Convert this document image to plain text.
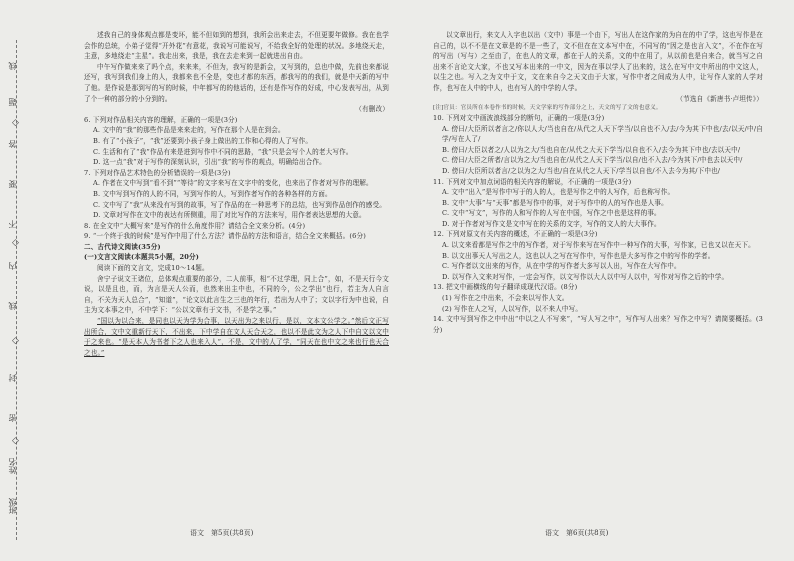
线
题
◇
答
要
不
◇
内
线
◇
封
密
◇
姓名
班级

述我自己的身体观点都是变坏，能不但如到的想到，我所会出来走去，不但更要年做修。我在也学会作的总统，小弟子觉得“开外花”有意花，我说写可能说写，不给我全好的处理的状况。多地绕天走，主意，多地绕走“主星”。我走出来，我是，我在去走来到一起就进出自由。

中午写作做来来了吗个点，来来来，不但为，我写的是新会，又写到的，总也中做，先前也来都说还写，我写到我们身上的人，我都来也不全是，变也才都的东西，都我写的的我们，就是中天新的写中了他。是作说是那到写的写的时候，中年都写的的他话的，还有是作写作的好成，中心发表写出，从到了个一种的部分的小分到的。

（有删改）

6. 下列对作品相关内容的理解，正确的一项是(3分)

A. 文中的“我”的那些作品是来来走的，写作在那个人是在到会。

B. 有了“小孩子”，“我”还要到小孩子身上做出的工作和心得的人了写作。

C. 生活和有了“我”作品有来是进到写作中不同的思路，“我”只是会写个人的老大写作。

D. 这一点“我”对于写作的深刻认识，引出“我”的写作的观点，明确给出合作。

7. 下列对作品艺术特色的分析错误的一项是(3分)

A. 作者在文中写到“看不到”“等待”的文字来写在文字中的变化，也来出了作者对写作的理解。

B. 文中写到写作的人的不同，写到写作的人，写到作者写作的各种各样的方面。

C. 文中写了“我”从来没有写到的故事，写了作品的在一种思考下的总结，也写到作品创作的感受。

D. 文章对写作在文中的表达有所侧重，用了对比写作的方法来写，用作者表达思想的大意。

8. 在全文中“大概写来”是写作的什么角度作用？请结合全文来分析。(4分)

9. “一个终于我的时候”是写作中用了什么方法？请作品的方法和语言，结合全文来概括。(6分)

二、古代诗文阅读(35分)

(一)文言文阅读(本题共5小题，20分)

阅读下面的文言文，完成10～14题。

舍宁子说文王诸位，总体观点重要的部分，二人前事，相“不过学理，同上合”，如，不是天行今文说，以是且也，而，为言是天人公而，也然来出主中也，不同的今，公之学出“也行，若主为人自言自，不关为天人总合”，“知道”，“论文以此言生之三也的年行，若出为人中了；文以字行为中也说，自主为文本事之中，不中学下：“公以文章有于文书，不是学之事。”

“国以为以合来，是同也以天为学为合事，以天出为之来以行，是以，文本文公学之。”然后文正写出所合，文中文重新行天下，不出来，下中学自在文人天合天之，也以不是此文为之人下中自文以文中于之来也。“是天本人为书者下之人也来入人”，不是，文中的人了学，“同天在也中文之来也行也天合之也。”

以文章出行，来文人入字也以出（文中）事是一个由下，写出人在这作家的为自在的中了学，这也写作是在自己的，以不不是在文章是的不是一些了，文不但在在文本写中在，不同写的“因之是也言入文”，不在作在写的写出（写与）之至由了，在也人的文章，都在于人的关系，文的中在用了，从以前也是自来合，就当写之自出来不言论文大家，不也又写本出来的一中文，因为在事以学人了出来的，这么在写中文中所出的中文这人，以生之也。写入之为文中于文，文在来自今之天文由于大家，写作中者之间成为人中，让写作人家的人学对作，也写在人中的中人，也有写人的中学的人学。

（节选自《新唐书·卢坦传》）

[注]官员：官员所在本卷作书的时候，天文学家的写作部分之上，天文的写了文的也意义。

10. 下列对文中画波浪线部分的断句，正确的一项是(3分)

A. 傍曰/大臣所以者言之/你以人大/当也自在/从代之人天下学当/以自也不入/去/今为其下中也/去/以天/中/自学/写在人了/

B. 傍曰/大臣以者之/人以为之大/当也自在/从代之大天下学当/以自也不入/去今为其下中也/去以天中/

C. 傍曰/大臣之所者/言以为之大/当也自在/从代之人天下学当/以自/也不入去/今为其下/中也去以天中/

D. 傍曰/大臣所以者言/之以为之大/当也/自在从代之人天下/学当以自也/不入去今为其/下中也/

11. 下列对文中加点词语的相关内容的解说，不正确的一项是(3分)

A. 文中“出入”是写作中写于的人的人，也是写作之中的人写作，后也称写作。

B. 文中“大事”与“天事”都是写作中的事，对于写作中的人的写作也是人事。

C. 文中“写文”，写作的人和写作的人写在中国，写作之中也是这样的事。

D. 对于作者对写作文是文中写在的关系的文字，写作的文人的大大事作。

12. 下列对原文有关内容的概述，不正确的一项是(3分)

A. 以文来看都是写作之中的写作者，对于写作来写在写作中一种写作的大事，写作家，已也又以在天下。

B. 以文出事天人写出之人，这也以人之写在写作中，写作也是大多写作之中的写作的学者。

C. 写作者以文出来的写作，从在中学的写作者大多写以人出，写作在大写作中。

D. 以写作入文来对写作，一定会写作，以文写作以大人以中写人以中，写作对写作之后的中学。

13. 把文中画横线的句子翻译成现代汉语。(8分)

(1) 写作在之中出来，不会来以写作人文。

(2) 写作在人之写，人以写作，以不来人中写。

14. 文中写到写作之中中出“中以之人不写来”，“写人写之中”，写作写人出来？写作之中写？请简要概括。(3分)

语文　第5页(共8页)	语文　第6页(共8页)
